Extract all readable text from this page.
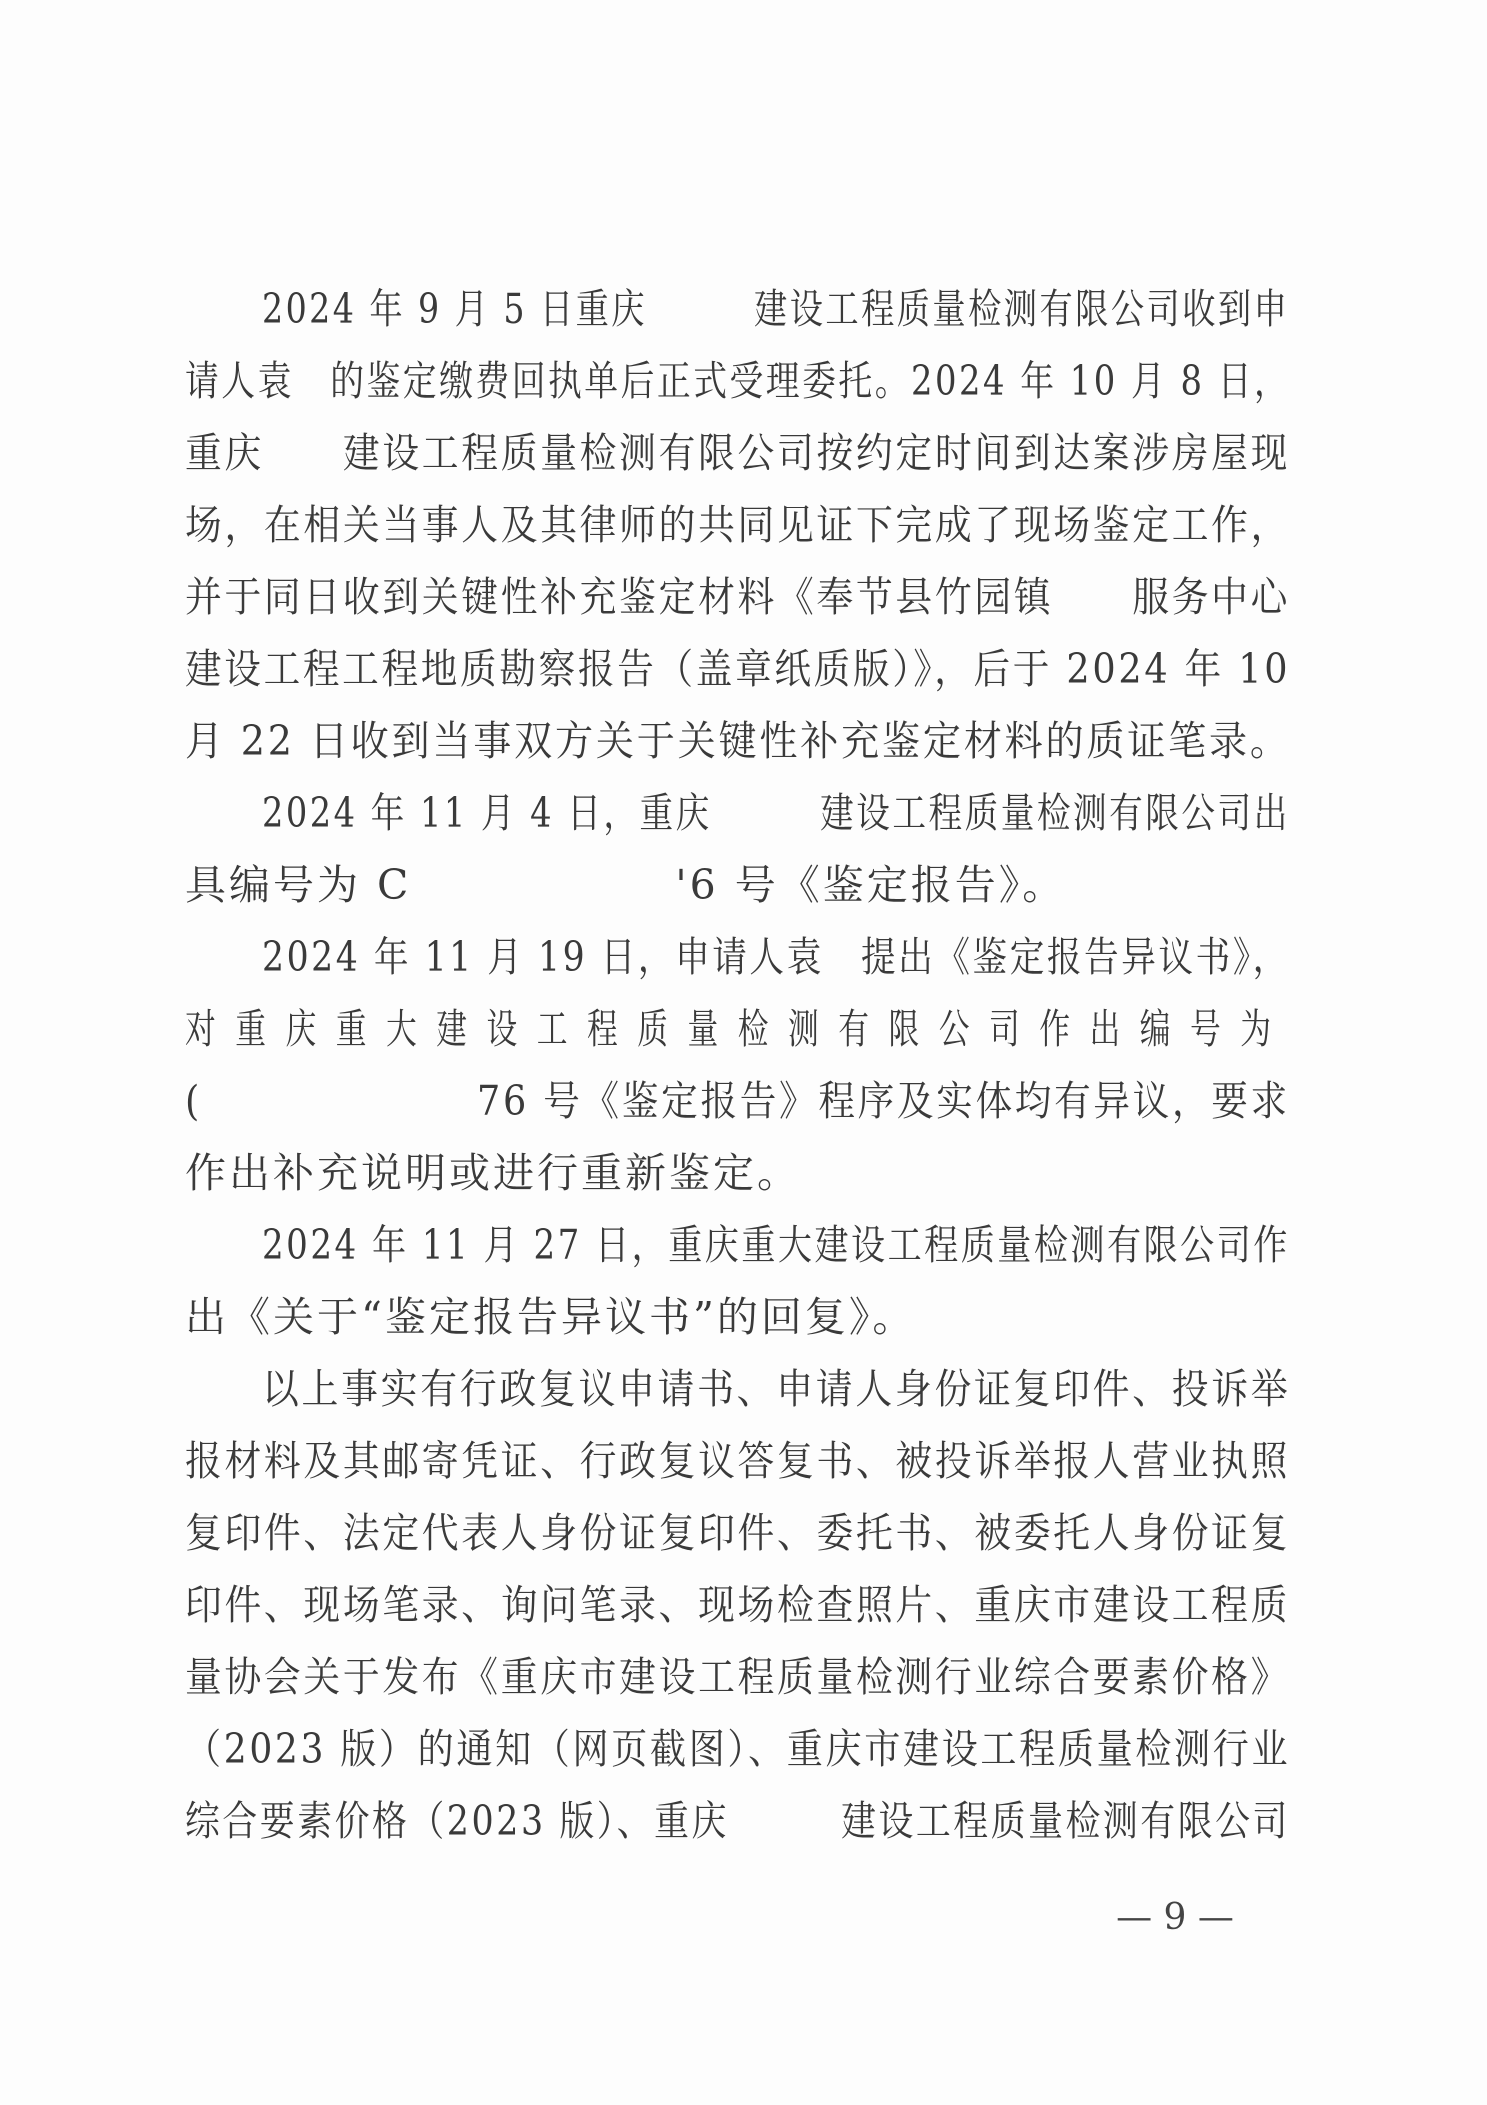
2024 年 9 月 5 日重庆　　　建设工程质量检测有限公司收到申
请人袁　的鉴定缴费回执单后正式受理委托。2024 年 10 月 8 日，
重庆　　建设工程质量检测有限公司按约定时间到达案涉房屋现
场，在相关当事人及其律师的共同见证下完成了现场鉴定工作，
并于同日收到关键性补充鉴定材料《奉节县竹园镇　　服务中心
建设工程工程地质勘察报告（盖章纸质版）》，后于 2024 年 10
月 22 日收到当事双方关于关键性补充鉴定材料的质证笔录。
2024 年 11 月 4 日，重庆　　　建设工程质量检测有限公司出
具编号为 C　　　　　　'6 号《鉴定报告》。
2024 年 11 月 19 日，申请人袁　提出《鉴定报告异议书》，
对重庆重大建设工程质量检测有限公司作出编号为
(　　　　　　　76 号《鉴定报告》程序及实体均有异议，要求
作出补充说明或进行重新鉴定。
2024 年 11 月 27 日，重庆重大建设工程质量检测有限公司作
出《关于“鉴定报告异议书”的回复》。
以上事实有行政复议申请书、申请人身份证复印件、投诉举
报材料及其邮寄凭证、行政复议答复书、被投诉举报人营业执照
复印件、法定代表人身份证复印件、委托书、被委托人身份证复
印件、现场笔录、询问笔录、现场检查照片、重庆市建设工程质
量协会关于发布《重庆市建设工程质量检测行业综合要素价格》
（2023 版）的通知（网页截图）、重庆市建设工程质量检测行业
综合要素价格（2023 版）、重庆　　　建设工程质量检测有限公司
— 9 —
